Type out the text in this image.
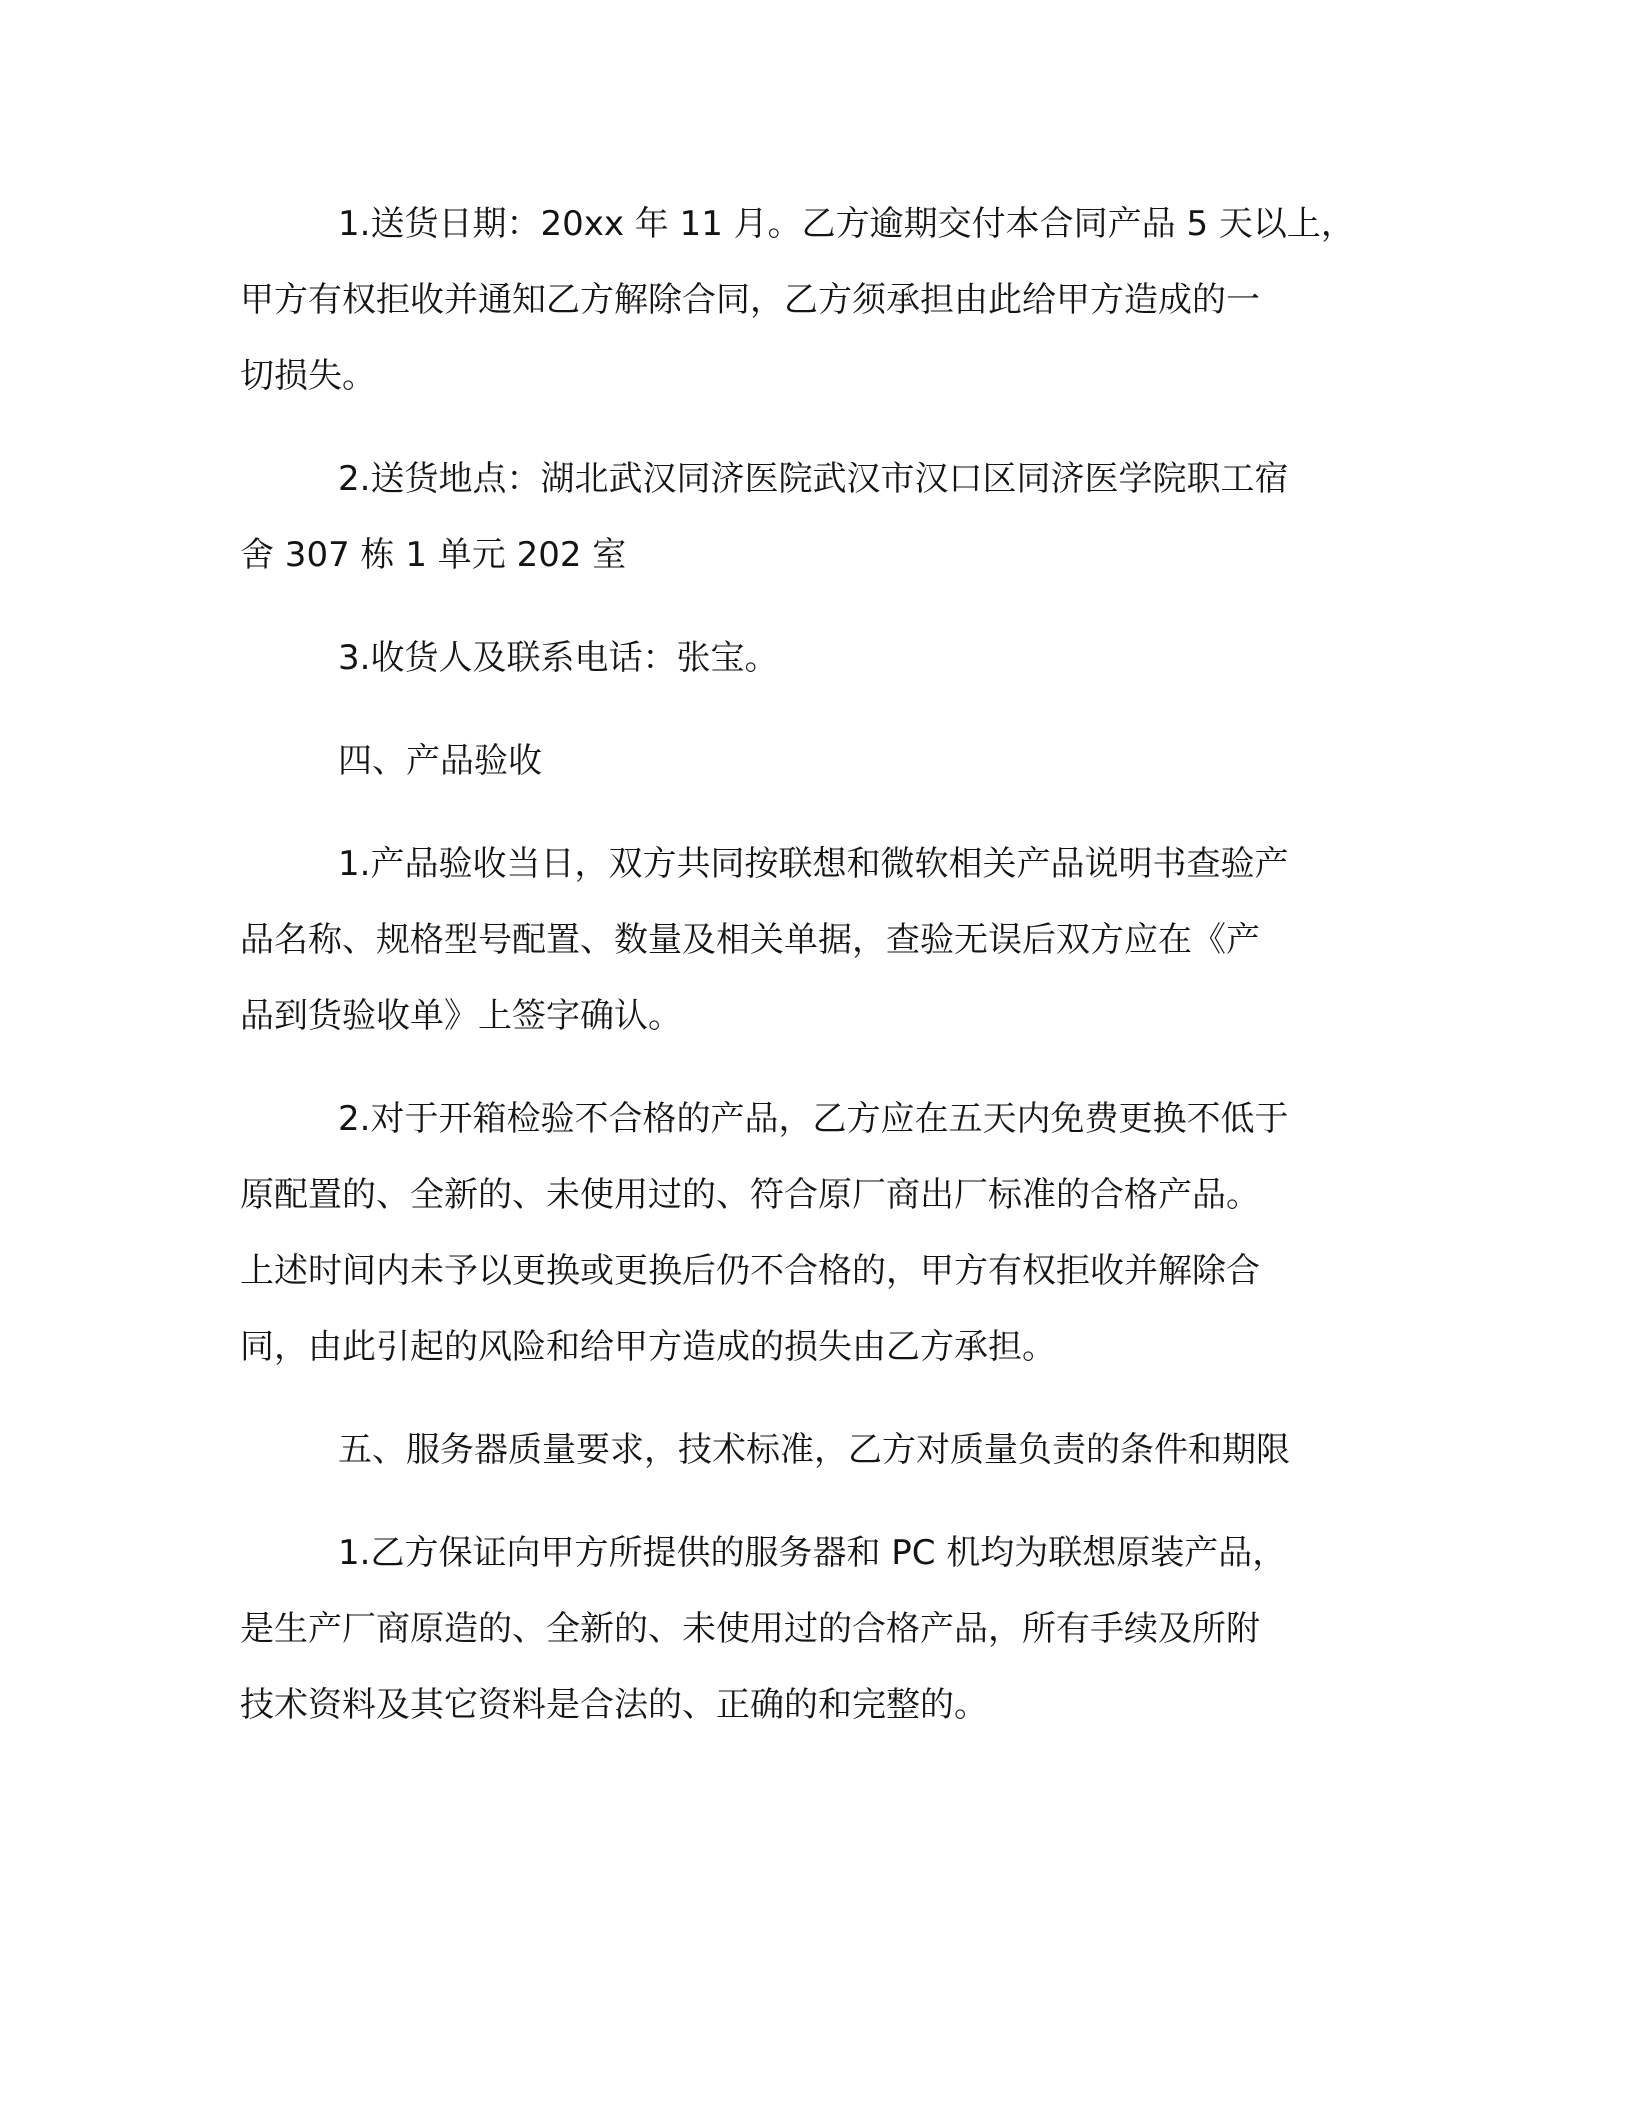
1.送货日期：20xx 年 11 月。乙方逾期交付本合同产品 5 天以上，
甲方有权拒收并通知乙方解除合同，乙方须承担由此给甲方造成的一
切损失。

2.送货地点：湖北武汉同济医院武汉市汉口区同济医学院职工宿
舍 307 栋 1 单元 202 室

3.收货人及联系电话：张宝。

四、产品验收

1.产品验收当日，双方共同按联想和微软相关产品说明书查验产
品名称、规格型号配置、数量及相关单据，查验无误后双方应在《产
品到货验收单》上签字确认。

2.对于开箱检验不合格的产品，乙方应在五天内免费更换不低于
原配置的、全新的、未使用过的、符合原厂商出厂标准的合格产品。
上述时间内未予以更换或更换后仍不合格的，甲方有权拒收并解除合
同，由此引起的风险和给甲方造成的损失由乙方承担。

五、服务器质量要求，技术标准，乙方对质量负责的条件和期限

1.乙方保证向甲方所提供的服务器和 PC 机均为联想原装产品，
是生产厂商原造的、全新的、未使用过的合格产品，所有手续及所附
技术资料及其它资料是合法的、正确的和完整的。
